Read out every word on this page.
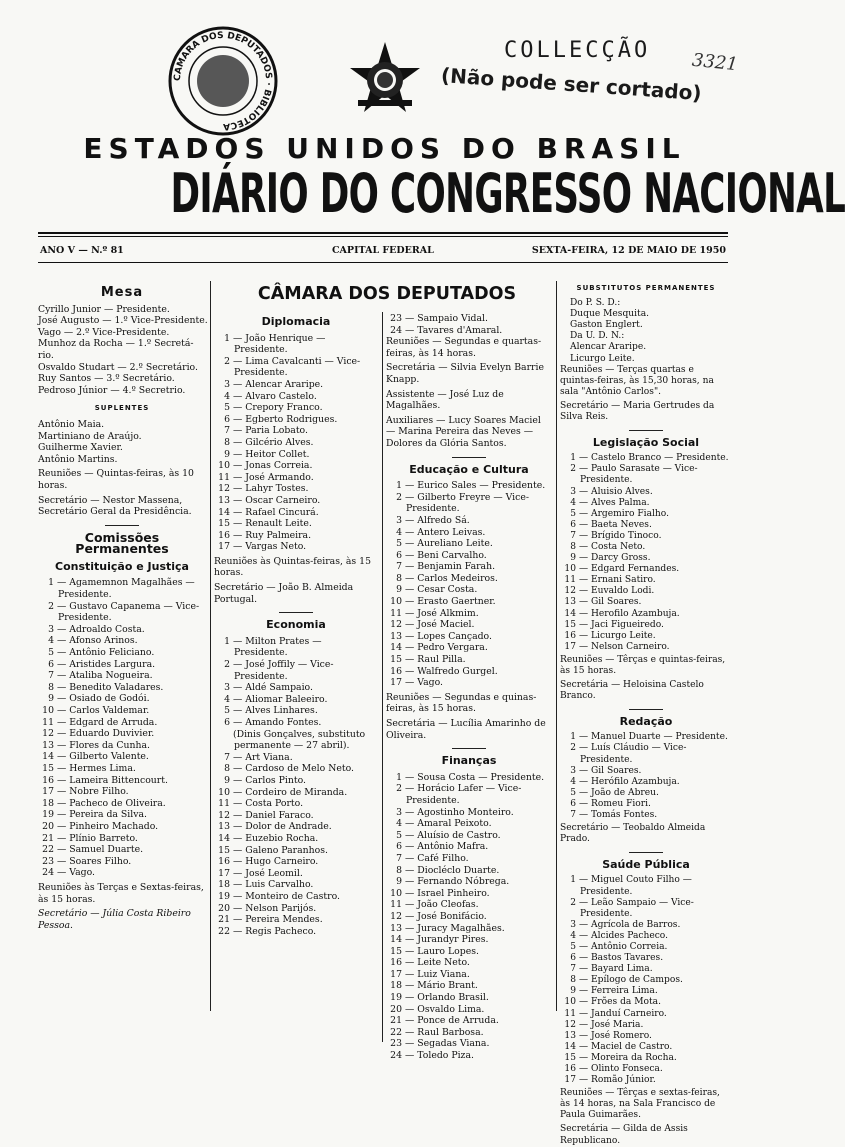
CAMARA DOS DEPUTADOS · BIBLIOTECA
COLLECÇÃO
(Não pode ser cortado)
3321
ESTADOS UNIDOS DO BRASIL
DIÁRIO DO CONGRESSO NACIONAL
ANO V — N.º 81	CAPITAL FEDERAL	SEXTA-FEIRA, 12 DE MAIO DE 1950
CÂMARA DOS DEPUTADOS
Mesa
Cyrillo Junior — Presidente.
José Augusto — 1.º Vice-Presidente.
Vago — 2.º Vice-Presidente.
Munhoz da Rocha — 1.º Secretá-
rio.
Osvaldo Studart — 2.º Secretário.
Ruy Santos — 3.º Secretário.
Pedroso Júnior — 4.º Secretrio.
SUPLENTES
Antônio Maia.
Martiniano de Araújo.
Guilherme Xavier.
Antônio Martins.
Reuniões — Quintas-feiras, às 10 horas.
Secretário — Nestor Massena, Secretário Geral da Presidência.
Comissões Permanentes
Constituição e Justiça
1 — Agamemnon Magalhães — Presidente.
2 — Gustavo Capanema — Vice-Presidente.
3 — Adroaldo Costa.
4 — Afonso Arinos.
5 — Antônio Feliciano.
6 — Aristides Largura.
7 — Ataliba Nogueira.
8 — Benedito Valadares.
9 — Osiado de Godói.
10 — Carlos Valdemar.
11 — Edgard de Arruda.
12 — Eduardo Duvivier.
13 — Flores da Cunha.
14 — Gilberto Valente.
15 — Hermes Lima.
16 — Lameira Bittencourt.
17 — Nobre Filho.
18 — Pacheco de Oliveira.
19 — Pereira da Silva.
20 — Pinheiro Machado.
21 — Plínio Barreto.
22 — Samuel Duarte.
23 — Soares Filho.
24 — Vago.
Reuniões às Terças e Sextas-feiras, às 15 horas.
Secretário — Júlia Costa Ribeiro Pessoa.
Diplomacia
1 — João Henrique — Presidente.
2 — Lima Cavalcanti — Vice-Presidente.
3 — Alencar Araripe.
4 — Alvaro Castelo.
5 — Crepory Franco.
6 — Egberto Rodrigues.
7 — Paria Lobato.
8 — Gilcério Alves.
9 — Heitor Collet.
10 — Jonas Correia.
11 — José Armando.
12 — Lahyr Tostes.
13 — Oscar Carneiro.
14 — Rafael Cincurá.
15 — Renault Leite.
16 — Ruy Palmeira.
17 — Vargas Neto.
Reuniões às Quintas-feiras, às 15 horas.
Secretário — João B. Almeida Portugal.
Economia
1 — Milton Prates — Presidente.
2 — José Joffily — Vice-Presidente.
3 — Aldé Sampaio.
4 — Aliomar Baleeiro.
5 — Alves Linhares.
6 — Amando Fontes.
(Dinis Gonçalves, substituto permanente — 27 abril).
7 — Art Viana.
8 — Cardoso de Melo Neto.
9 — Carlos Pinto.
10 — Cordeiro de Miranda.
11 — Costa Porto.
12 — Daniel Faraco.
13 — Dolor de Andrade.
14 — Euzebio Rocha.
15 — Galeno Paranhos.
16 — Hugo Carneiro.
17 — José Leomil.
18 — Luis Carvalho.
19 — Monteiro de Castro.
20 — Nelson Parijós.
21 — Pereira Mendes.
22 — Regis Pacheco.
23 — Sampaio Vidal.
24 — Tavares d'Amaral.
Reuniões — Segundas e quartas-feiras, às 14 horas.
Secretária — Silvia Evelyn Barrie Knapp.
Assistente — José Luz de Magalhães.
Auxiliares — Lucy Soares Maciel — Marina Pereira das Neves — Dolores da Glória Santos.
Educação e Cultura
1 — Eurico Sales — Presidente.
2 — Gilberto Freyre — Vice-Presidente.
3 — Alfredo Sá.
4 — Antero Leivas.
5 — Aureliano Leite.
6 — Beni Carvalho.
7 — Benjamin Farah.
8 — Carlos Medeiros.
9 — Cesar Costa.
10 — Erasto Gaertner.
11 — José Alkmim.
12 — José Maciel.
13 — Lopes Cançado.
14 — Pedro Vergara.
15 — Raul Pilla.
16 — Walfredo Gurgel.
17 — Vago.
Reuniões — Segundas e quinas-feiras, às 15 horas.
Secretária — Lucília Amarinho de Oliveira.
Finanças
1 — Sousa Costa — Presidente.
2 — Horácio Lafer — Vice-Presidente.
3 — Agostinho Monteiro.
4 — Amaral Peixoto.
5 — Aluísio de Castro.
6 — Antônio Mafra.
7 — Café Filho.
8 — Diocléclo Duarte.
9 — Fernando Nóbrega.
10 — Israel Pinheiro.
11 — João Cleofas.
12 — José Bonifácio.
13 — Juracy Magalhães.
14 — Jurandyr Pires.
15 — Lauro Lopes.
16 — Leite Neto.
17 — Luiz Viana.
18 — Mário Brant.
19 — Orlando Brasil.
20 — Osvaldo Lima.
21 — Ponce de Arruda.
22 — Raul Barbosa.
23 — Segadas Viana.
24 — Toledo Piza.
SUBSTITUTOS PERMANENTES
Do P. S. D.:
Duque Mesquita.
Gaston Englert.
Da U. D. N.:
Alencar Araripe.
Licurgo Leite.
Reuniões — Terças quartas e quintas-feiras, às 15,30 horas, na sala "Antônio Carlos".
Secretário — Maria Gertrudes da Silva Reis.
Legislação Social
1 — Castelo Branco — Presidente.
2 — Paulo Sarasate — Vice-Presidente.
3 — Aluisio Alves.
4 — Alves Palma.
5 — Argemiro Fialho.
6 — Baeta Neves.
7 — Brígido Tinoco.
8 — Costa Neto.
9 — Darcy Gross.
10 — Edgard Fernandes.
11 — Ernani Satiro.
12 — Euvaldo Lodi.
13 — Gil Soares.
14 — Herofilo Azambuja.
15 — Jaci Figueiredo.
16 — Licurgo Leite.
17 — Nelson Carneiro.
Reuniões — Têrças e quintas-feiras, às 15 horas.
Secretária — Heloisina Castelo Branco.
Redação
1 — Manuel Duarte — Presidente.
2 — Luís Cláudio — Vice-Presidente.
3 — Gil Soares.
4 — Herófilo Azambuja.
5 — João de Abreu.
6 — Romeu Fiori.
7 — Tomás Fontes.
Secretário — Teobaldo Almeida Prado.
Saúde Pública
1 — Miguel Couto Filho — Presidente.
2 — Leão Sampaio — Vice-Presidente.
3 — Agrícola de Barros.
4 — Alcides Pacheco.
5 — Antônio Correia.
6 — Bastos Tavares.
7 — Bayard Lima.
8 — Epílogo de Campos.
9 — Ferreira Lima.
10 — Frões da Mota.
11 — Janduí Carneiro.
12 — José Maria.
13 — José Romero.
14 — Maciel de Castro.
15 — Moreira da Rocha.
16 — Olinto Fonseca.
17 — Romão Júnior.
Reuniões — Têrças e sextas-feiras, às 14 horas, na Sala Francisco de Paula Guimarães.
Secretária — Gilda de Assis Republicano.
